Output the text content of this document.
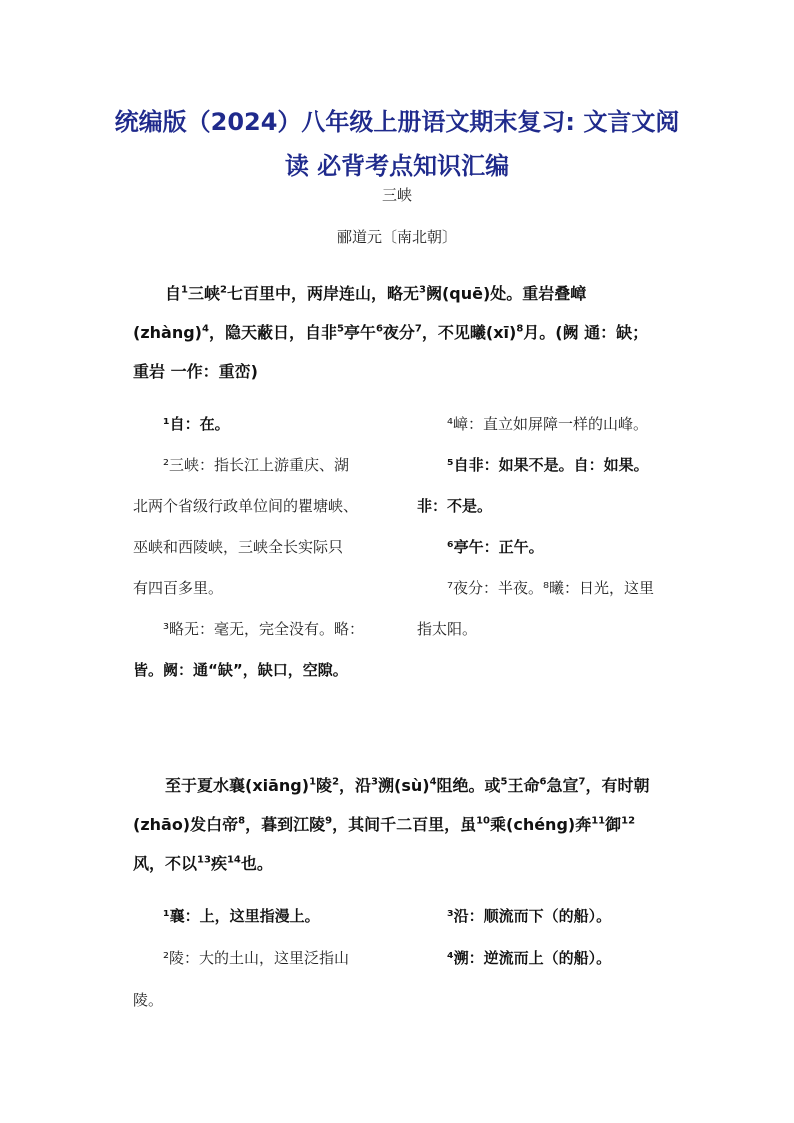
统编版（2024）八年级上册语文期末复习: 文言文阅
读 必背考点知识汇编
三峡
郦道元〔南北朝〕
自$^1$三峡$^2$七百里中，两岸连山，略无$^3$阙(quē)处。重岩叠嶂(zhàng)$^4$，隐天蔽日，自非$^5$亭午$^6$夜分$^7$，不见曦(xī)$^8$月。(阙 通：缺；重岩 一作：重峦)
¹自：在。
²三峡：指长江上游重庆、湖
北两个省级行政单位间的瞿塘峡、
巫峡和西陵峡，三峡全长实际只
有四百多里。
³略无：毫无，完全没有。略：
皆。阙：通“缺”，缺口，空隙。
⁴嶂：直立如屏障一样的山峰。
⁵自非：如果不是。自：如果。
非：不是。
⁶亭午：正午。
⁷夜分：半夜。⁸曦：日光，这里
指太阳。
至于夏水襄(xiāng)$^1$陵$^2$，沿$^3$溯(sù)$^4$阻绝。或$^5$王命$^6$急宣$^7$，有时朝(zhāo)发白帝$^8$，暮到江陵$^9$，其间千二百里，虽$^{10}$乘(chéng)奔$^{11}$御$^{12}$风，不以$^{13}$疾$^{14}$也。
¹襄：上，这里指漫上。
²陵：大的土山，这里泛指山
陵。
³沿：顺流而下（的船）。
⁴溯：逆流而上（的船）。
